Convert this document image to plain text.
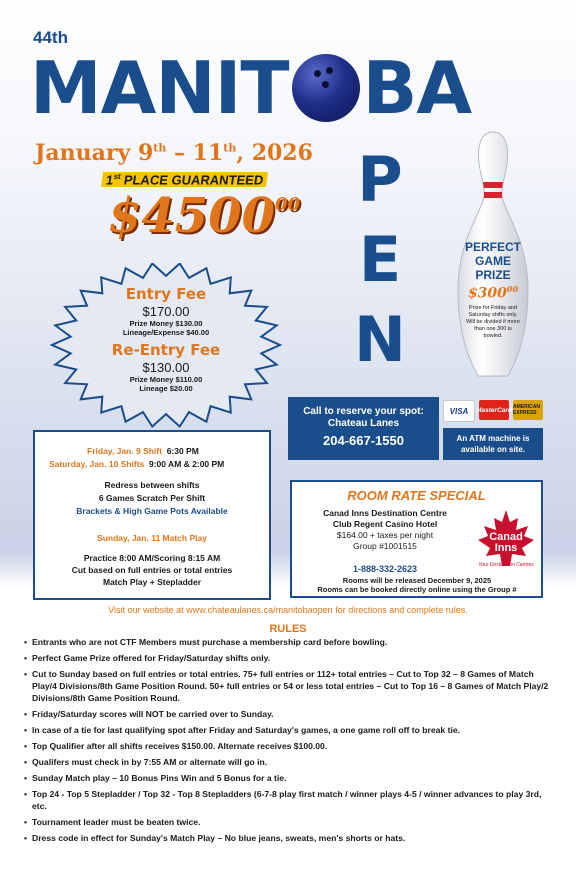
44th
MANIT BA
January 9th – 11th, 2026
1st PLACE GUARANTEED
$4500$^{00}$ P
E
N
PERFECT
GAME
PRIZE
$\$300^{00}$
Prize for Friday and Saturday shifts only. Will be divided if more than one 300 is bowled.
Entry Fee
$170.00
Prize Money $130.00
Lineage/Expense $40.00
Re-Entry Fee
$130.00
Prize Money $110.00
Lineage $20.00
Call to reserve your spot:
Chateau Lanes
204-667-1550
VISA	MasterCard AMERICAN EXPRESS
An ATM machine is
available on site.
Friday, Jan. 9 Shift 6:30 PM
Saturday, Jan. 10 Shifts 9:00 AM & 2:00 PM
Redress between shifts
6 Games Scratch Per Shift
Brackets & High Game Pots Available
Sunday, Jan. 11 Match Play
Practice 8:00 AM/Scoring 8:15 AM
Cut based on full entries or total entries
Match Play + Stepladder
ROOM RATE SPECIAL
Canad Inns Destination Centre
Club Regent Casino Hotel
$164.00 + taxes per night
Group #1001515
1-888-332-2623
Rooms will be released December 9, 2025
Rooms can be booked directly online using the Group #
Canad
Inns
Your Destination Centres
Visit our website at www.chateaulanes.ca/manitobaopen for directions and complete rules.
RULES
• Entrants who are not CTF Members must purchase a membership card before bowling.
• Perfect Game Prize offered for Friday/Saturday shifts only.
• Cut to Sunday based on full entries or total entries. 75+ full entries or 112+ total entries – Cut to Top 32 – 8 Games of Match Play/4 Divisions/8th Game Position Round. 50+ full entries or 54 or less total entries – Cut to Top 16 – 8 Games of Match Play/2 Divisions/8th Game Position Round.
• Friday/Saturday scores will NOT be carried over to Sunday.
• In case of a tie for last qualifying spot after Friday and Saturday's games, a one game roll off to break tie.
• Top Qualifier after all shifts receives $150.00. Alternate receives $100.00.
• Qualifers must check in by 7:55 AM or alternate will go in.
• Sunday Match play – 10 Bonus Pins Win and 5 Bonus for a tie.
• Top 24 - Top 5 Stepladder / Top 32 - Top 8 Stepladders (6-7-8 play first match / winner plays 4-5 / winner advances to play 3rd, etc.
• Tournament leader must be beaten twice.
• Dress code in effect for Sunday's Match Play – No blue jeans, sweats, men's shorts or hats.
